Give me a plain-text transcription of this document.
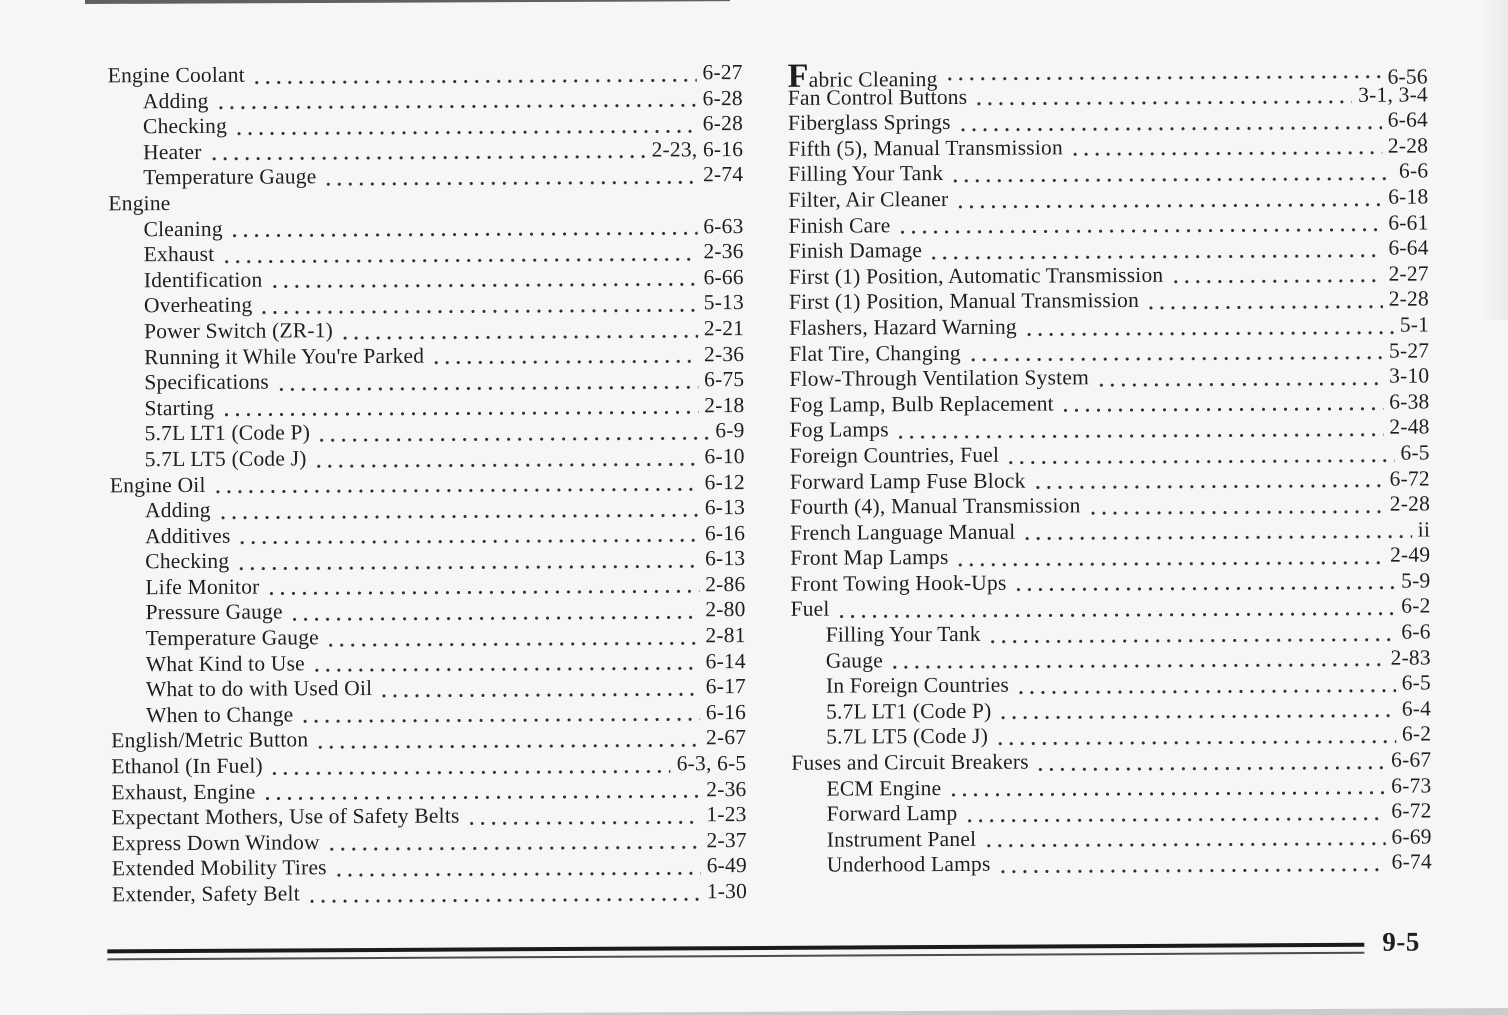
Engine Coolant	6-27
Adding	6-28
Checking	6-28
Heater	2-23, 6-16
Temperature Gauge	2-74
Engine
Cleaning	6-63
Exhaust	2-36
Identification	6-66
Overheating	5-13
Power Switch (ZR-1)	2-21
Running it While You're Parked	2-36
Specifications	6-75
Starting	2-18
5.7L LT1 (Code P)	6-9
5.7L LT5 (Code J)	6-10
Engine Oil	6-12
Adding	6-13
Additives	6-16
Checking	6-13
Life Monitor	2-86
Pressure Gauge	2-80
Temperature Gauge	2-81
What Kind to Use	6-14
What to do with Used Oil	6-17
When to Change	6-16
English/Metric Button	2-67
Ethanol (In Fuel)	6-3, 6-5
Exhaust, Engine	2-36
Expectant Mothers, Use of Safety Belts	1-23
Express Down Window	2-37
Extended Mobility Tires	6-49
Extender, Safety Belt	1-30
Fabric Cleaning	6-56
Fan Control Buttons	3-1, 3-4
Fiberglass Springs	6-64
Fifth (5), Manual Transmission	2-28
Filling Your Tank	6-6
Filter, Air Cleaner	6-18
Finish Care	6-61
Finish Damage	6-64
First (1) Position, Automatic Transmission	2-27
First (1) Position, Manual Transmission	2-28
Flashers, Hazard Warning	5-1
Flat Tire, Changing	5-27
Flow-Through Ventilation System	3-10
Fog Lamp, Bulb Replacement	6-38
Fog Lamps	2-48
Foreign Countries, Fuel	6-5
Forward Lamp Fuse Block	6-72
Fourth (4), Manual Transmission	2-28
French Language Manual	ii
Front Map Lamps	2-49
Front Towing Hook-Ups	5-9
Fuel	6-2
Filling Your Tank	6-6
Gauge	2-83
In Foreign Countries	6-5
5.7L LT1 (Code P)	6-4
5.7L LT5 (Code J)	6-2
Fuses and Circuit Breakers	6-67
ECM Engine	6-73
Forward Lamp	6-72
Instrument Panel	6-69
Underhood Lamps	6-74
9-5
